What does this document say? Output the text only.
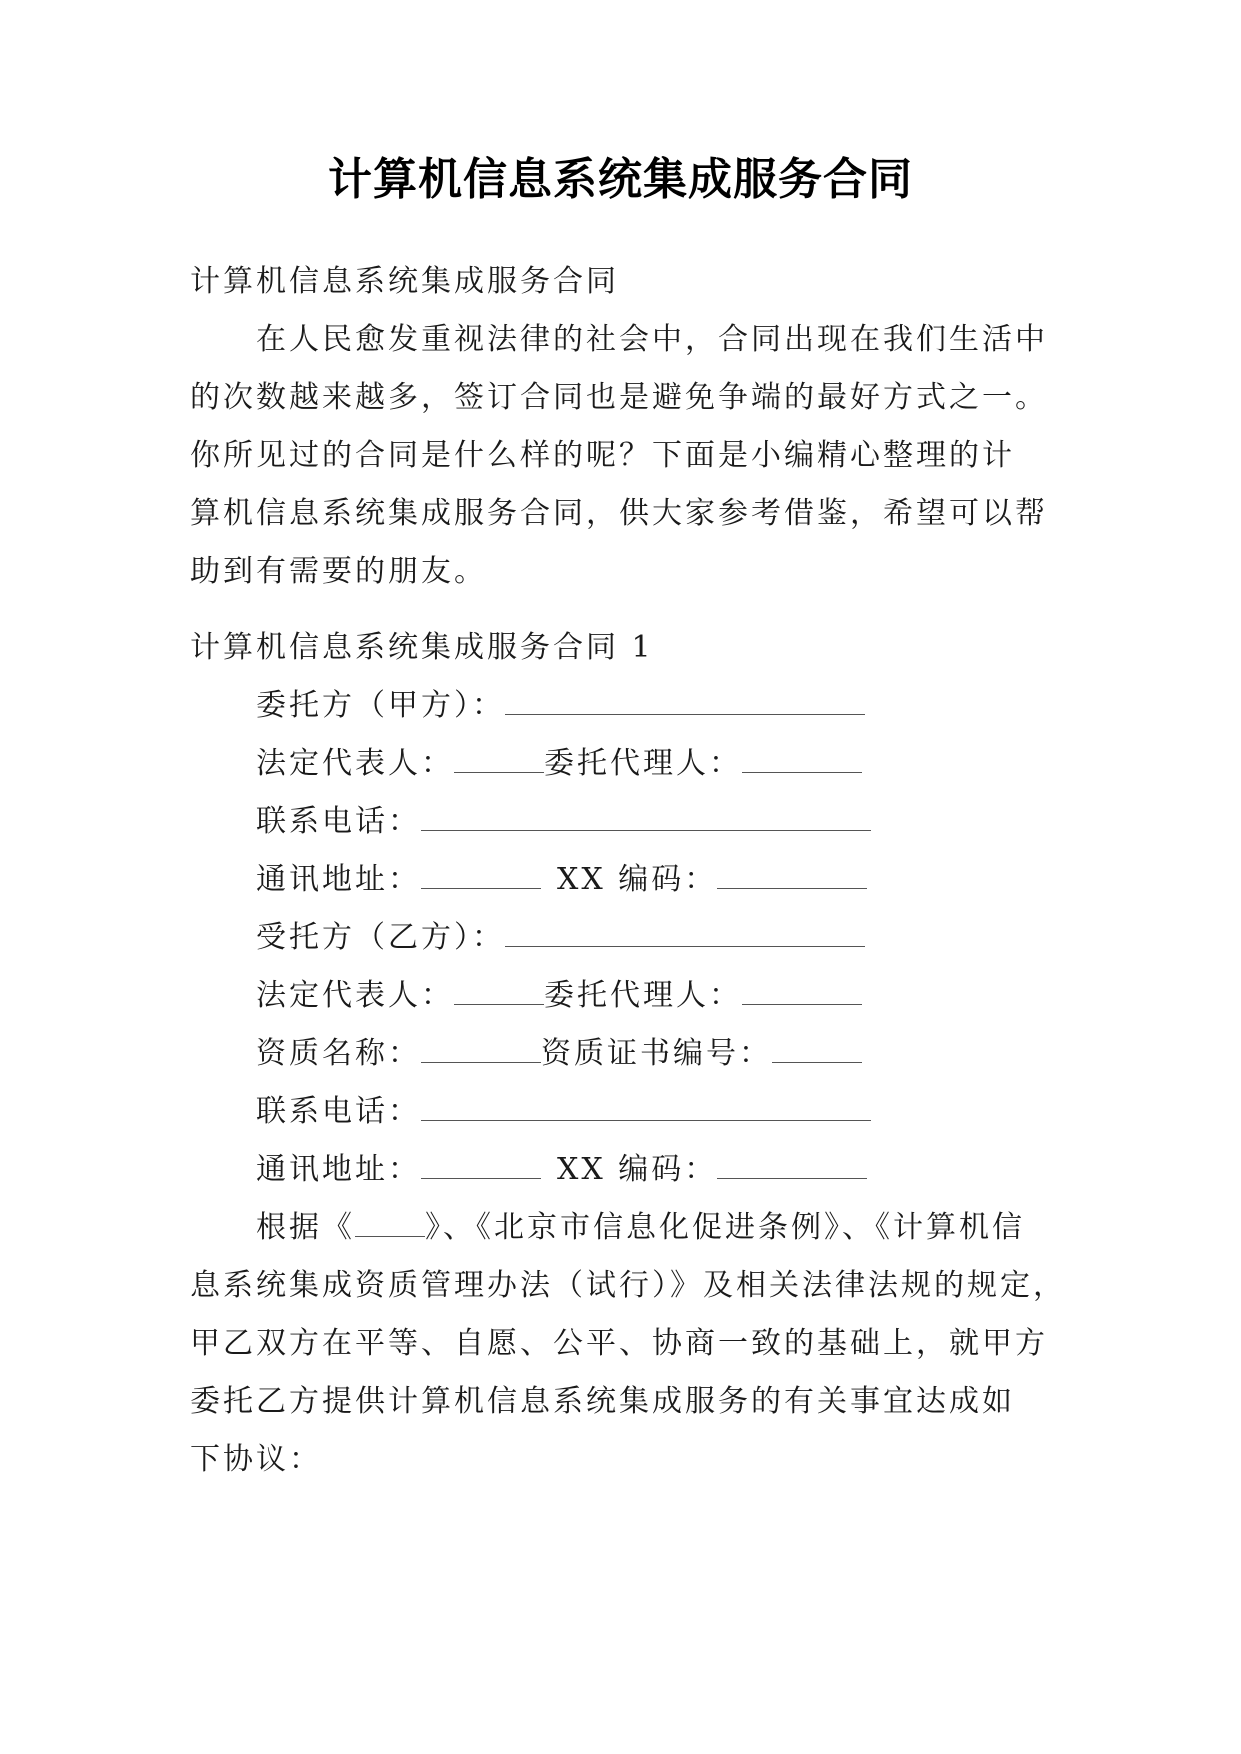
计算机信息系统集成服务合同
计算机信息系统集成服务合同
在人民愈发重视法律的社会中，合同出现在我们生活中
的次数越来越多，签订合同也是避免争端的最好方式之一。
你所见过的合同是什么样的呢？下面是小编精心整理的计
算机信息系统集成服务合同，供大家参考借鉴，希望可以帮
助到有需要的朋友。
计算机信息系统集成服务合同 1
委托方（甲方）：
法定代表人：	委托代理人：
联系电话：
通讯地址：	XX 编码：
受托方（乙方）：
法定代表人：	委托代理人：
资质名称：	资质证书编号：
联系电话：
通讯地址：	XX 编码：
根据《 》、《北京市信息化促进条例》、《计算机信
息系统集成资质管理办法（试行）》及相关法律法规的规定，
甲乙双方在平等、自愿、公平、协商一致的基础上，就甲方
委托乙方提供计算机信息系统集成服务的有关事宜达成如
下协议：
